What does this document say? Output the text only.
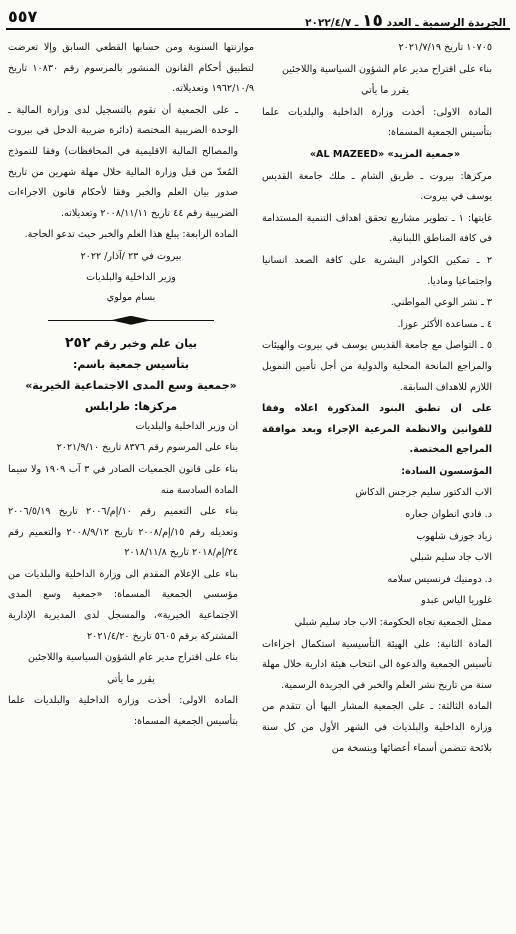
الجريدة الرسمية ـ العدد ١٥ ـ ٢٠٢٢/٤/٧
٥٥٧
١٠٧٠٥ تاريخ ٢٠٢١/٧/١٩
بناء على اقتراح مدير عام الشؤون السياسية واللاجئين
يقرر ما يأتي
المادة الاولى: أخذت وزارة الداخلية والبلديات علما بتأسيس الجمعية المسماة:
«جمعية المزيد» «AL MAZEED»
مركزها: بيروت ـ طريق الشام ـ ملك جامعة القديس يوسف في بيروت.
غايتها: ١ ـ تطوير مشاريع تحقق اهداف التنمية المستدامة في كافة المناطق اللبنانية.
٢ ـ تمكين الكوادر البشرية على كافة الصعد انسانيا واجتماعيا وماديا.
٣ ـ نشر الوعي المواطني.
٤ ـ مساعدة الأكثر عوزا.
٥ ـ التواصل مع جامعة القديس يوسف في بيروت والهيئات والمراجع المانحة المحلية والدولية من أجل تأمين التمويل اللازم للاهداف السابقة.
على ان تطبق البنود المذكورة اعلاه وفقا للقوانين والانظمة المرعية الإجراء وبعد موافقة المراجع المختصة.
المؤسسون السادة:
الاب الدكتور سليم جرجس الدكاش
د. فادي انطوان جعاره
زياد جوزف شلهوب
الاب جاد سليم شبلي
د. دومنيك فرنسيس سلامه
غلوريا الياس عبدو
ممثل الجمعية تجاه الحكومة: الاب جاد سليم شبلي
المادة الثانية: على الهيئة التأسيسية استكمال اجراءات تأسيس الجمعية والدعوة الى انتخاب هيئة ادارية خلال مهلة سنة من تاريخ نشر العلم والخبر في الجريدة الرسمية.
المادة الثالثة: ـ على الجمعية المشار اليها أن تتقدم من وزارة الداخلية والبلديات في الشهر الأول من كل سنة بلائحة تتضمن أسماء أعضائها وبنسخة من
موازنتها السنوية ومن حسابها القطعي السابق وإلا تعرضت لتطبيق أحكام القانون المنشور بالمرسوم رقم ١٠٨٣٠ تاريخ ١٩٦٢/١٠/٩ وتعديلاته.
ـ على الجمعية أن تقوم بالتسجيل لدى وزارة المالية ـ الوحدة الضريبية المختصة (دائرة ضريبة الدخل في بيروت والمصالح المالية الاقليمية في المحافظات) وفقا للنموذج المُعدّ من قبل وزارة المالية خلال مهلة شهرين من تاريخ صدور بيان العلم والخبر وفقا لأحكام قانون الاجراءات الضريبية رقم ٤٤ تاريخ ٢٠٠٨/١١/١١ وتعديلاته.
المادة الرابعة: يبلغ هذا العلم والخبر حيث تدعو الحاجة.
بيروت في ٢٣ /آذار/ ٢٠٢٢
وزير الداخلية والبلديات
بسام مولوي
بيان علم وخبر رقم ٢٥٢
بتأسيس جمعية باسم:
«جمعية وسع المدى الاجتماعية الخيرية»
مركزها: طرابلس
ان وزير الداخلية والبلديات
بناء على المرسوم رقم ٨٣٧٦ تاريخ ٢٠٢١/٩/١٠
بناء على قانون الجمعيات الصادر في ٣ آب ١٩٠٩ ولا سيما المادة السادسة منه
بناء على التعميم رقم ١٠/إم/٢٠٠٦ تاريخ ٢٠٠٦/٥/١٩ وتعديله رقم ١٥/إم/٢٠٠٨ تاريخ ٢٠٠٨/٩/١٢ والتعميم رقم ٢٤/إم/٢٠١٨ تاريخ ٢٠١٨/١١/٨
بناء على الإعلام المقدم الى وزارة الداخلية والبلديات من مؤسسي الجمعية المسماة: «جمعية وسع المدى الاجتماعية الخيرية»، والمسجل لدى المديرية الإدارية المشتركة برقم ٥٦٠٥ تاريخ ٢٠٢١/٤/٢٠
بناء على اقتراح مدير عام الشؤون السياسية واللاجئين
يقرر ما يأتي
المادة الاولى: أخذت وزارة الداخلية والبلديات علما بتأسيس الجمعية المسماة:
